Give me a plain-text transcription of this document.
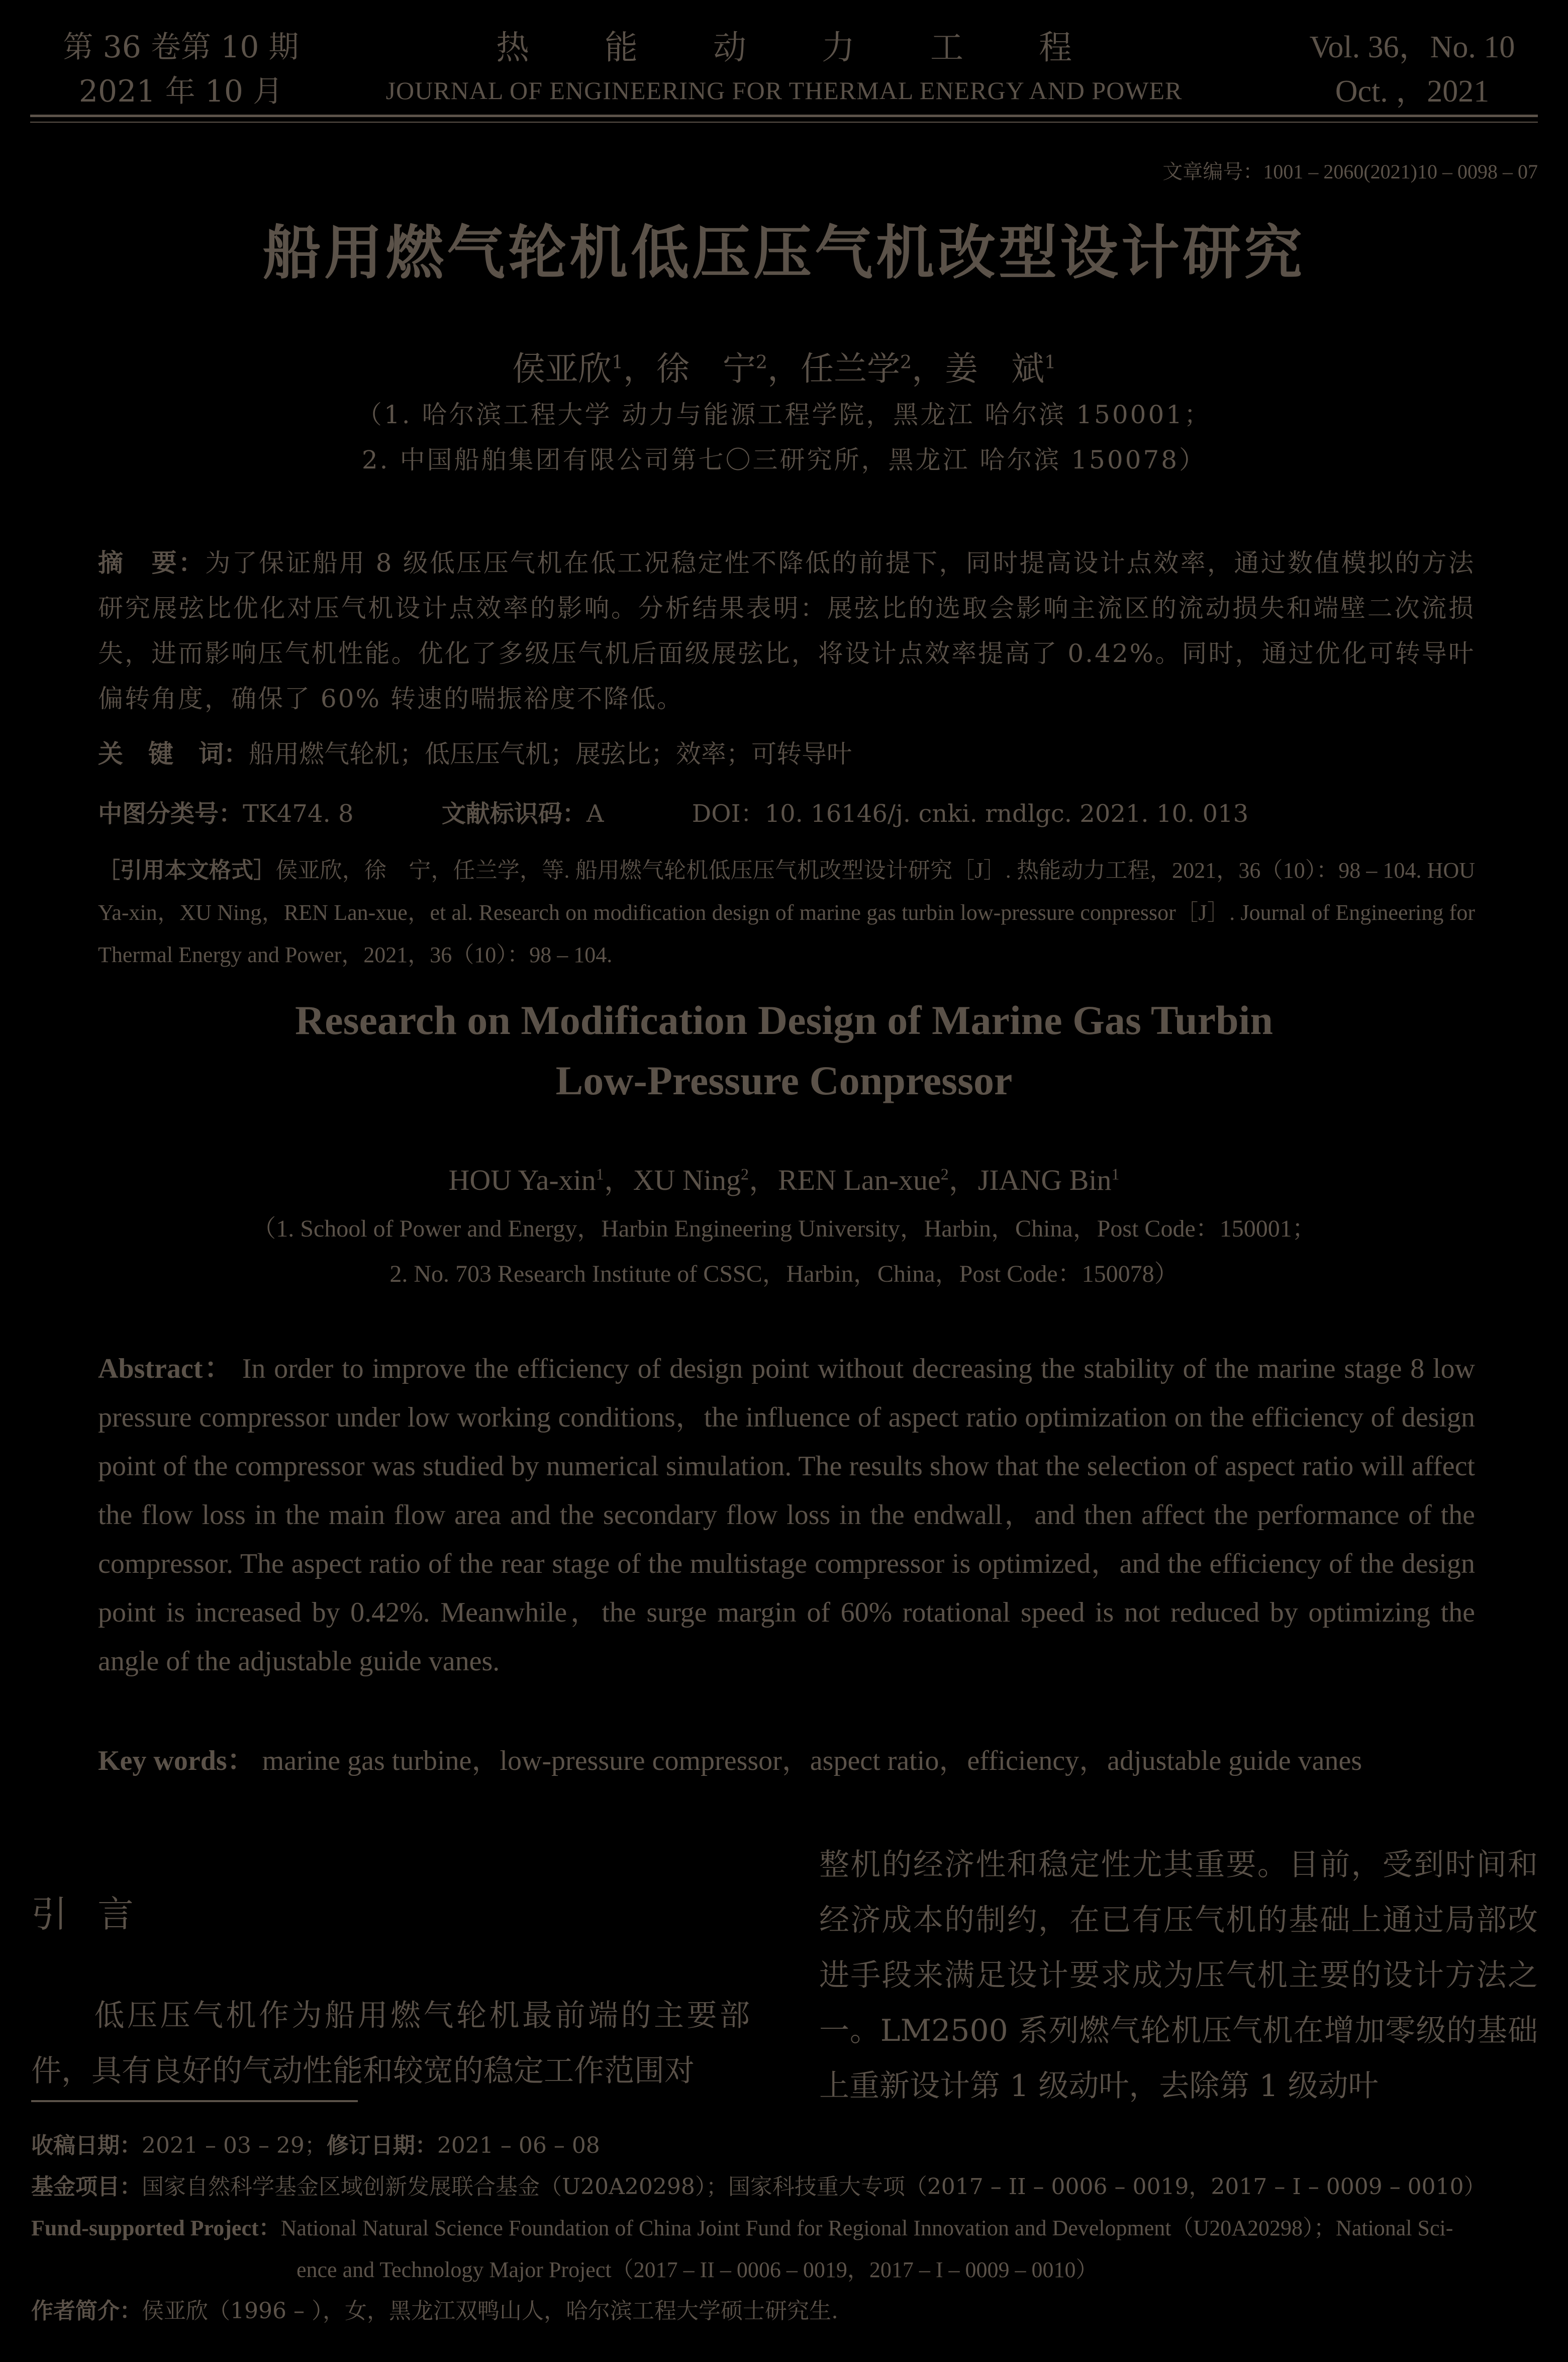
第 36 卷第 10 期
2021 年 10 月
热能动力工程
JOURNAL OF ENGINEERING FOR THERMAL ENERGY AND POWER
Vol. 36，No. 10
Oct. ，2021
文章编号：1001 – 2060(2021)10 – 0098 – 07
船用燃气轮机低压压气机改型设计研究
侯亚欣$^1$，徐　宁$^2$，任兰学$^2$，姜　斌$^1$
（1. 哈尔滨工程大学 动力与能源工程学院，黑龙江 哈尔滨 150001；
2. 中国船舶集团有限公司第七〇三研究所，黑龙江 哈尔滨 150078）
摘　要：为了保证船用 8 级低压压气机在低工况稳定性不降低的前提下，同时提高设计点效率，通过数值模拟的方法研究展弦比优化对压气机设计点效率的影响。分析结果表明：展弦比的选取会影响主流区的流动损失和端壁二次流损失，进而影响压气机性能。优化了多级压气机后面级展弦比，将设计点效率提高了 0.42%。同时，通过优化可转导叶偏转角度，确保了 60% 转速的喘振裕度不降低。
关　键　词：船用燃气轮机；低压压气机；展弦比；效率；可转导叶
中图分类号：TK474. 8	文献标识码：A	DOI：10. 16146/j. cnki. rndlgc. 2021. 10. 013
［引用本文格式］侯亚欣，徐　宁，任兰学，等. 船用燃气轮机低压压气机改型设计研究［J］. 热能动力工程，2021，36（10）：98 – 104. HOU Ya-xin，XU Ning，REN Lan-xue，et al. Research on modification design of marine gas turbin low-pressure conpressor［J］. Journal of Engineering for Thermal Energy and Power，2021，36（10）：98 – 104.
Research on Modification Design of Marine Gas Turbin
Low-Pressure Conpressor
HOU Ya-xin$^1$，XU Ning$^2$，REN Lan-xue$^2$，JIANG Bin$^1$
（1. School of Power and Energy，Harbin Engineering University，Harbin，China，Post Code：150001；
2. No. 703 Research Institute of CSSC，Harbin，China，Post Code：150078）
Abstract： In order to improve the efficiency of design point without decreasing the stability of the marine stage 8 low pressure compressor under low working conditions，the influence of aspect ratio optimization on the efficiency of design point of the compressor was studied by numerical simulation. The results show that the selection of aspect ratio will affect the flow loss in the main flow area and the secondary flow loss in the endwall，and then affect the performance of the compressor. The aspect ratio of the rear stage of the multistage compressor is optimized，and the efficiency of the design point is increased by 0.42%. Meanwhile，the surge margin of 60% rotational speed is not reduced by optimizing the angle of the adjustable guide vanes.
Key words： marine gas turbine，low-pressure compressor，aspect ratio，efficiency，adjustable guide vanes
引言
低压压气机作为船用燃气轮机最前端的主要部件，具有良好的气动性能和较宽的稳定工作范围对
整机的经济性和稳定性尤其重要。目前，受到时间和经济成本的制约，在已有压气机的基础上通过局部改进手段来满足设计要求成为压气机主要的设计方法之一。LM2500 系列燃气轮机压气机在增加零级的基础上重新设计第 1 级动叶，去除第 1 级动叶
收稿日期：2021 – 03 – 29；修订日期：2021 – 06 – 08
基金项目：国家自然科学基金区域创新发展联合基金（U20A20298）；国家科技重大专项（2017 – II – 0006 – 0019，2017 – I – 0009 – 0010）
Fund-supported Project：National Natural Science Foundation of China Joint Fund for Regional Innovation and Development（U20A20298）；National Sci-
ence and Technology Major Project（2017 – II – 0006 – 0019，2017 – I – 0009 – 0010）
作者简介：侯亚欣（1996 – ），女，黑龙江双鸭山人，哈尔滨工程大学硕士研究生.
